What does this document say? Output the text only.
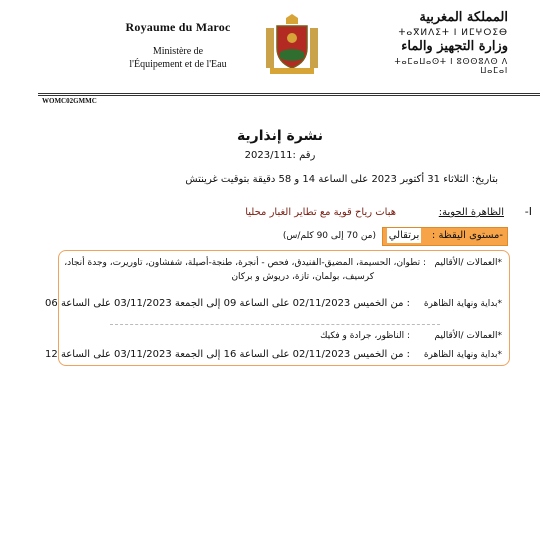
Royaume du Maroc
Ministère de
l'Équipement et de l'Eau
المملكة المغربية
ⵜⴰⴳⵍⴷⵉⵜ ⵏ ⵍⵎⵖⵔⵉⴱ
وزارة التجهيز والماء
ⵜⴰⵎⴰⵡⴰⵙⵜ ⵏ ⵓⵙⵙⵓⴷⵙ ⴷ ⵡⴰⵎⴰⵏ
WOMC02GMMC
نشرة إنذارية
رقم :2023/111
بتاريخ: الثلاثاء 31 أكتوبر 2023 على الساعة 14 و 58 دقيقة بتوقيت غرينتش
-I
الظاهرة الجوية:
هبات رياح قوية مع تطاير الغبار محليا
-مستوى اليقظة :
برتقالي
(من 70 إلى 90 كلم/س)
*العمالات /الأقاليم
: تطوان، الحسيمة، المضيق-الفنيدق، فحص - أنجرة، طنجة-أصيلة، شفشاون، تاوريرت، وجدة أنجاد،
كرسيف، بولمان، تازة، دريوش و بركان
*بداية ونهاية الظاهرة
: من الخميس 02/11/2023 على الساعة 09 إلى الجمعة 03/11/2023 على الساعة 06
*العمالات /الأقاليم
: الناظور، جرادة و فكيك
*بداية ونهاية الظاهرة
: من الخميس 02/11/2023 على الساعة 16 إلى الجمعة 03/11/2023 على الساعة 12
